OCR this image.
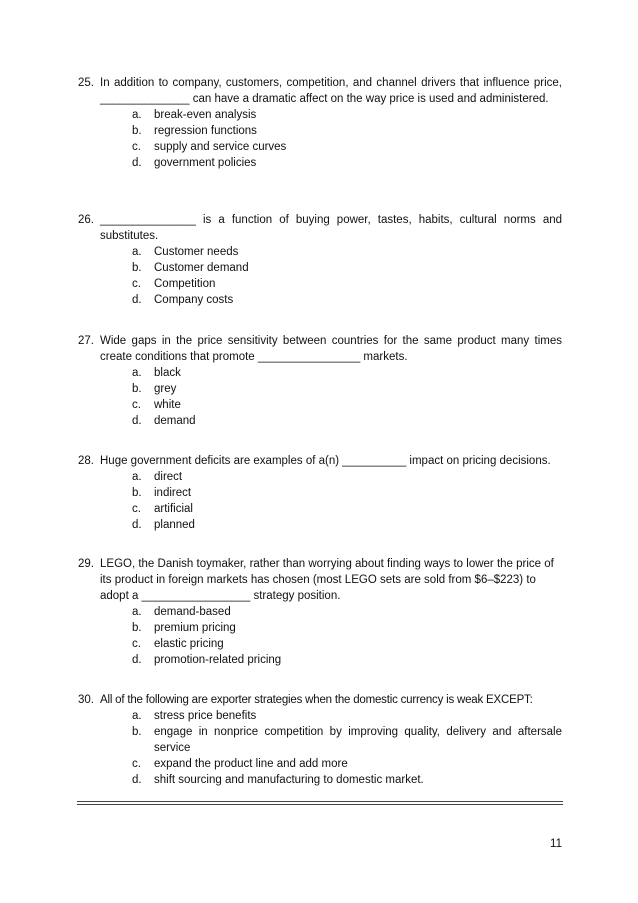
25. In addition to company, customers, competition, and channel drivers that influence price, ______________ can have a dramatic affect on the way price is used and administered.
a. break-even analysis
b. regression functions
c. supply and service curves
d. government policies
26. _______________ is a function of buying power, tastes, habits, cultural norms and substitutes.
a. Customer needs
b. Customer demand
c. Competition
d. Company costs
27. Wide gaps in the price sensitivity between countries for the same product many times create conditions that promote ________________ markets.
a. black
b. grey
c. white
d. demand
28. Huge government deficits are examples of a(n) __________ impact on pricing decisions.
a. direct
b. indirect
c. artificial
d. planned
29. LEGO, the Danish toymaker, rather than worrying about finding ways to lower the price of its product in foreign markets has chosen (most LEGO sets are sold from $6–$223) to adopt a _________________ strategy position.
a. demand-based
b. premium pricing
c. elastic pricing
d. promotion-related pricing
30. All of the following are exporter strategies when the domestic currency is weak EXCEPT:
a. stress price benefits
b. engage in nonprice competition by improving quality, delivery and aftersale service
c. expand the product line and add more
d. shift sourcing and manufacturing to domestic market.
11
